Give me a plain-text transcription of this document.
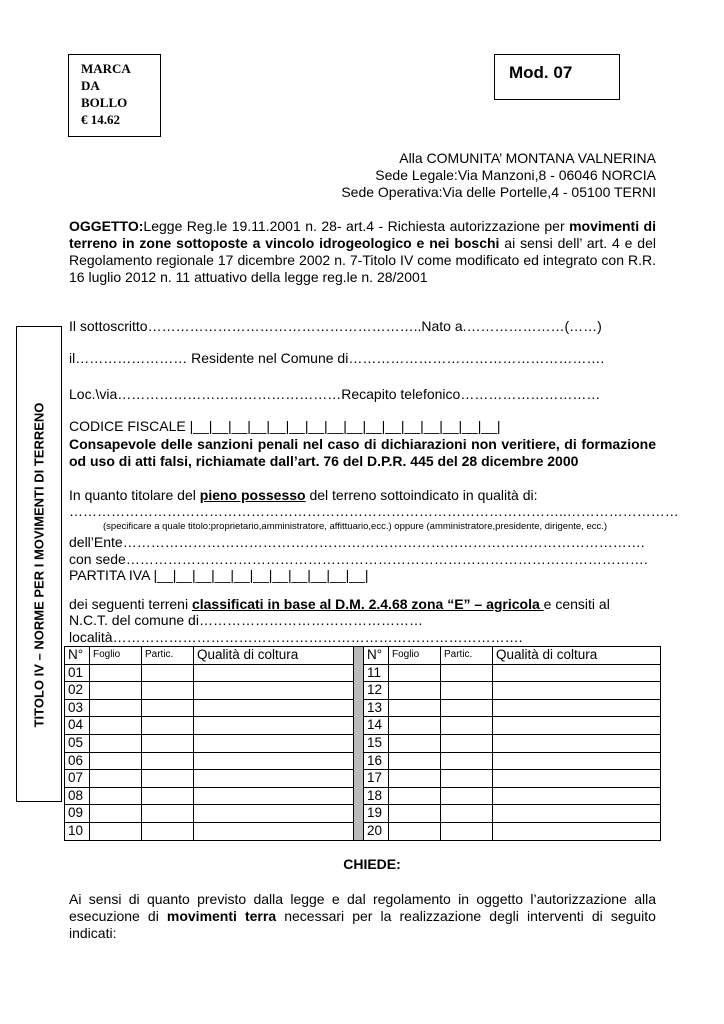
MARCA
DA
BOLLO
€ 14.62
Mod. 07
TITOLO IV – NORME PER I MOVIMENTI DI TERRENO
Alla COMUNITA’ MONTANA VALNERINA
Sede Legale:Via Manzoni,8 - 06046 NORCIA
Sede Operativa:Via delle Portelle,4 - 05100 TERNI
OGGETTO:Legge Reg.le 19.11.2001 n. 28- art.4 - Richiesta autorizzazione per movimenti di terreno in zone sottoposte a vincolo idrogeologico e nei boschi ai sensi dell’ art. 4 e del Regolamento regionale 17 dicembre 2002 n. 7-Titolo IV come modificato ed integrato con R.R. 16 luglio 2012 n. 11 attuativo della legge reg.le n. 28/2001
Il sottoscritto…………………………………………………..Nato a.…………………(……)
il…………………… Residente nel Comune di……………………………………………….
Loc.\via…………………………………………Recapito telefonico…………………………
CODICE FISCALE |__|__|__|__|__|__|__|__|__|__|__|__|__|__|__|__|
Consapevole delle sanzioni penali nel caso di dichiarazioni non veritiere, di formazione od uso di atti falsi, richiamate dall’art. 76 del D.P.R. 445 del 28 dicembre 2000
In quanto titolare del pieno possesso del terreno sottoindicato in qualità di:
……………………………………………………………………………………………..……………………
(specificare a quale titolo:proprietario,amministratore, affittuario,ecc.) oppure (amministratore,presidente, dirigente, ecc.)
dell’Ente………………………………………………………………………………………………….
con sede………………………………………………………………………………………………….
PARTITA IVA |__|__|__|__|__|__|__|__|__|__|__|
dei seguenti terreni classificati in base al D.M. 2.4.68 zona “E” – agricola e censiti al
N.C.T. del comune di…………………………………………
località…………………………………………………………………………….
N°	Foglio	Partic.	Qualità di coltura		N°	Foglio	Partic.	Qualità di coltura
01					11			
02					12			
03					13			
04					14			
05					15			
06					16			
07					17			
08					18			
09					19			
10					20			
CHIEDE:
Ai sensi di quanto previsto dalla legge e dal regolamento in oggetto l’autorizzazione alla esecuzione di movimenti terra necessari per la realizzazione degli interventi di seguito indicati:
